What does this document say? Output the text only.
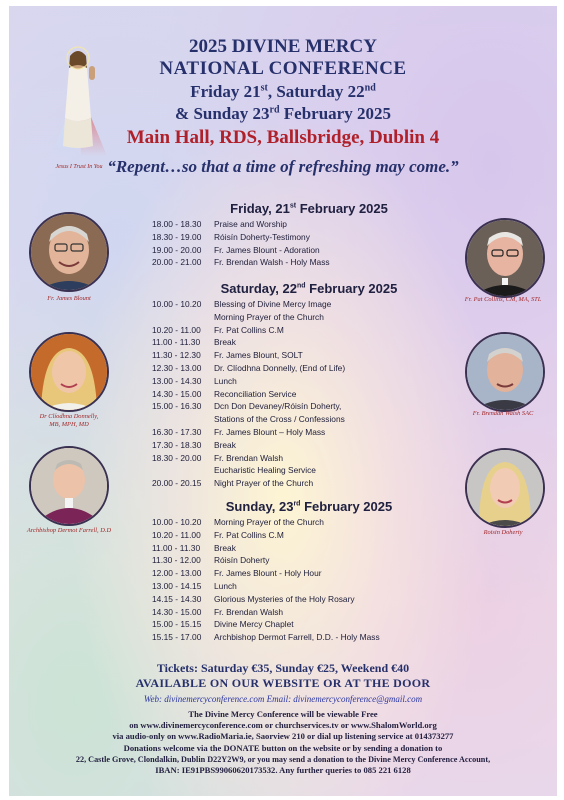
Jesus I Trust In You
2025 DIVINE MERCY
NATIONAL CONFERENCE
Friday 21st, Saturday 22nd
& Sunday 23rd February 2025
Main Hall, RDS, Ballsbridge, Dublin 4
“Repent…so that a time of refreshing may come.”
Friday, 21st February 2025
18.00 - 18.30	Praise and Worship
18.30 - 19.00	Róisín Doherty-Testimony
19.00 - 20.00	Fr. James Blount - Adoration
20.00 - 21.00	Fr. Brendan Walsh - Holy Mass
Saturday, 22nd February 2025
10.00 - 10.20	Blessing of Divine Mercy Image
Morning Prayer of the Church
10.20 - 11.00	Fr. Pat Collins C.M
11.00 - 11.30	Break
11.30 - 12.30	Fr. James Blount, SOLT
12.30 - 13.00	Dr. Clíodhna Donnelly, (End of Life)
13.00 - 14.30	Lunch
14.30 - 15.00	Reconciliation Service
15.00 - 16.30	Dcn Don Devaney/Róisín Doherty,
Stations of the Cross / Confessions
16.30 - 17.30	Fr. James Blount – Holy Mass
17.30 - 18.30	Break
18.30 - 20.00	Fr. Brendan Walsh
Eucharistic Healing Service
20.00 - 20.15	Night Prayer of the Church
Sunday, 23rd February 2025
10.00 - 10.20	Morning Prayer of the Church
10.20 - 11.00	Fr. Pat Collins C.M
11.00 - 11.30	Break
11.30 - 12.00	Róisín Doherty
12.00 - 13.00	Fr. James Blount - Holy Hour
13.00 - 14.15	Lunch
14.15 - 14.30	Glorious Mysteries of the Holy Rosary
14.30 - 15.00	Fr. Brendan Walsh
15.00 - 15.15	Divine Mercy Chaplet
15.15 - 17.00	Archbishop Dermot Farrell, D.D. - Holy Mass
Fr. James Blount
Dr Clíodhna Donnelly,
MB, MPH, MD
Archbishop Dermot Farrell, D.D
Fr. Pat Collins, CM, MA, STL
Fr. Brendan Walsh SAC
Roisin Doherty
Tickets: Saturday €35, Sunday €25, Weekend €40
AVAILABLE ON OUR WEBSITE OR AT THE DOOR
Web: divinemercyconference.com Email: divinemercyconference@gmail.com
The Divine Mercy Conference will be viewable Free
on www.divinemercyconference.com or churchservices.tv or www.ShalomWorld.org
via audio-only on www.RadioMaria.ie, Saorview 210 or dial up listening service at 014373277
Donations welcome via the DONATE button on the website or by sending a donation to
22, Castle Grove, Clondalkin, Dublin D22Y2W9, or you may send a donation to the Divine Mercy Conference Account,
IBAN: IE91PBS99060620173532. Any further queries to 085 221 6128
